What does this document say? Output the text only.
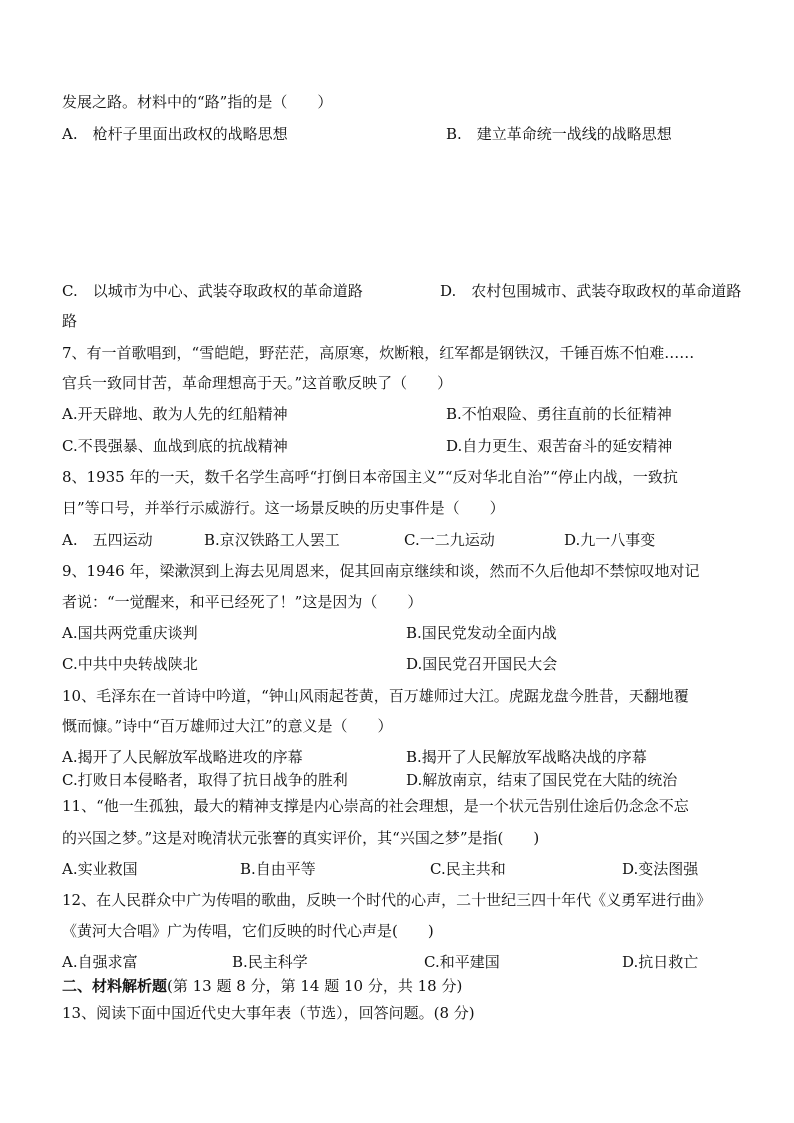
发展之路。材料中的“路”指的是（　　）
A.　枪杆子里面出政权的战略思想	B.　建立革命统一战线的战略思想
C.　以城市为中心、武装夺取政权的革命道路	D.　农村包围城市、武装夺取政权的革命道路
路
7、有一首歌唱到，“雪皑皑，野茫茫，高原寒，炊断粮，红军都是钢铁汉，千锤百炼不怕难……
官兵一致同甘苦，革命理想高于天。”这首歌反映了（　　）
A.开天辟地、敢为人先的红船精神	B.不怕艰险、勇往直前的长征精神
C.不畏强暴、血战到底的抗战精神	D.自力更生、艰苦奋斗的延安精神
8、1935 年的一天，数千名学生高呼“打倒日本帝国主义”“反对华北自治”“停止内战，一致抗
日”等口号，并举行示威游行。这一场景反映的历史事件是（　　）
A.　五四运动	B.京汉铁路工人罢工	C.一二九运动	D.九一八事变
9、1946 年，梁漱溟到上海去见周恩来，促其回南京继续和谈，然而不久后他却不禁惊叹地对记
者说：“一觉醒来，和平已经死了！”这是因为（　　）
A.国共两党重庆谈判	B.国民党发动全面内战
C.中共中央转战陕北	D.国民党召开国民大会
10、毛泽东在一首诗中吟道，“钟山风雨起苍黄，百万雄师过大江。虎踞龙盘今胜昔，天翻地覆
慨而慷。”诗中“百万雄师过大江”的意义是（　　）
A.揭开了人民解放军战略进攻的序幕	B.揭开了人民解放军战略决战的序幕
C.打败日本侵略者，取得了抗日战争的胜利	D.解放南京，结束了国民党在大陆的统治
11、“他一生孤独，最大的精神支撑是内心崇高的社会理想，是一个状元告别仕途后仍念念不忘
的兴国之梦。”这是对晚清状元张謇的真实评价，其“兴国之梦”是指(　　)
A.实业救国	B.自由平等	C.民主共和	D.变法图强
12、在人民群众中广为传唱的歌曲，反映一个时代的心声，二十世纪三四十年代《义勇军进行曲》
《黄河大合唱》广为传唱，它们反映的时代心声是(　　)
A.自强求富	B.民主科学	C.和平建国	D.抗日救亡
二、材料解析题(第 13 题 8 分，第 14 题 10 分，共 18 分)
13、阅读下面中国近代史大事年表（节选），回答问题。(8 分)
